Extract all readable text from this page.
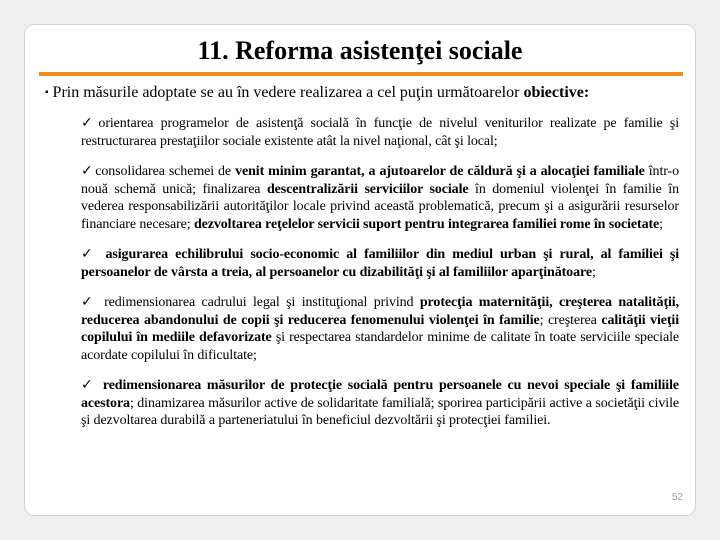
11. Reforma asistenţei sociale
▪ Prin măsurile adoptate se au în vedere realizarea a cel puţin următoarelor obiective:

✓ orientarea programelor de asistenţă socială în funcţie de nivelul veniturilor realizate pe familie şi restructurarea prestaţiilor sociale existente atât la nivel naţional, cât şi local;

✓ consolidarea schemei de venit minim garantat, a ajutoarelor de căldură şi a alocaţiei familiale într-o nouă schemă unică; finalizarea descentralizării serviciilor sociale în domeniul violenţei în familie în vederea responsabilizării autorităţilor locale privind această problematică, precum şi a asigurării resurselor financiare necesare; dezvoltarea reţelelor servicii suport pentru integrarea familiei rome în societate;

✓ asigurarea echilibrului socio-economic al familiilor din mediul urban şi rural, al familiei şi persoanelor de vârsta a treia, al persoanelor cu dizabilităţi şi al familiilor aparţinătoare;

✓ redimensionarea cadrului legal şi instituţional privind protecţia maternităţii, creşterea natalităţii, reducerea abandonului de copii şi reducerea fenomenului violenţei în familie; creşterea calităţii vieţii copilului în mediile defavorizate şi respectarea standardelor minime de calitate în toate serviciile speciale acordate copilului în dificultate;

✓ redimensionarea măsurilor de protecţie socială pentru persoanele cu nevoi speciale şi familiile acestora; dinamizarea măsurilor active de solidaritate familială; sporirea participării active a societăţii civile şi dezvoltarea durabilă a parteneriatului în beneficiul dezvoltării şi protecţiei familiei.

52
